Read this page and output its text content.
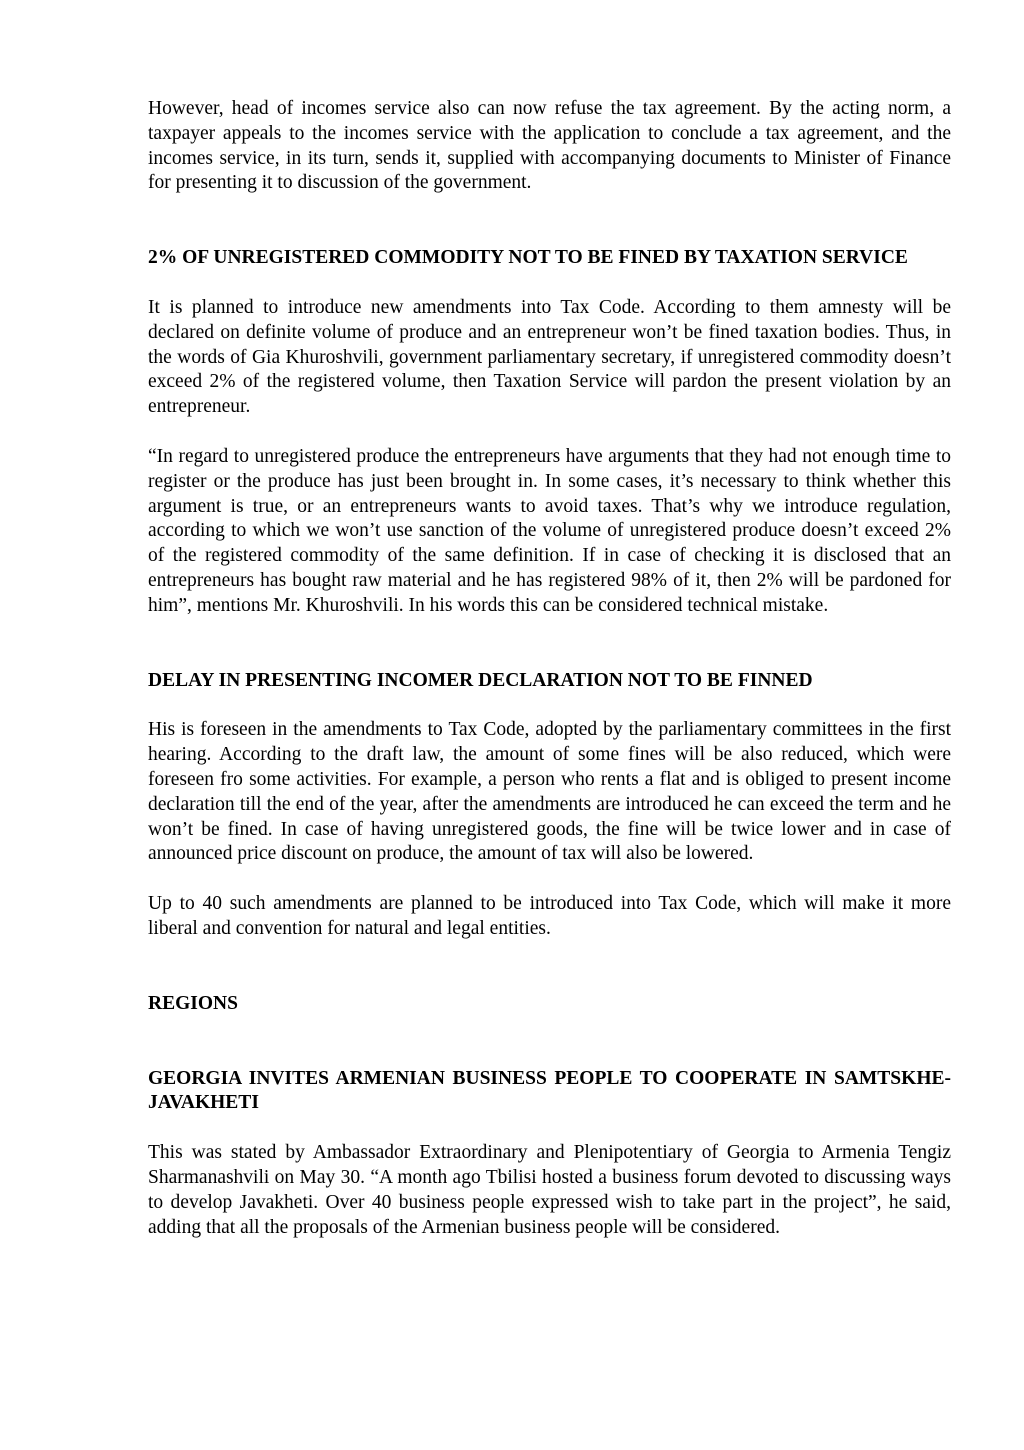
However, head of incomes service also can now refuse the tax agreement. By the acting norm, a taxpayer appeals to the incomes service with the application to conclude a tax agreement, and the incomes service, in its turn, sends it, supplied with accompanying documents to Minister of Finance for presenting it to discussion of the government.

2% OF UNREGISTERED COMMODITY NOT TO BE FINED BY TAXATION SERVICE

It is planned to introduce new amendments into Tax Code. According to them amnesty will be declared on definite volume of produce and an entrepreneur won’t be fined taxation bodies. Thus, in the words of Gia Khuroshvili, government parliamentary secretary, if unregistered commodity doesn’t exceed 2% of the registered volume, then Taxation Service will pardon the present violation by an entrepreneur.

“In regard to unregistered produce the entrepreneurs have arguments that they had not enough time to register or the produce has just been brought in. In some cases, it’s necessary to think whether this argument is true, or an entrepreneurs wants to avoid taxes. That’s why we introduce regulation, according to which we won’t use sanction of the volume of unregistered produce doesn’t exceed 2% of the registered commodity of the same definition. If in case of checking it is disclosed that an entrepreneurs has bought raw material and he has registered 98% of it, then 2% will be pardoned for him”, mentions Mr. Khuroshvili. In his words this can be considered technical mistake.

DELAY IN PRESENTING INCOMER DECLARATION NOT TO BE FINNED

His is foreseen in the amendments to Tax Code, adopted by the parliamentary committees in the first hearing. According to the draft law, the amount of some fines will be also reduced, which were foreseen fro some activities. For example, a person who rents a flat and is obliged to present income declaration till the end of the year, after the amendments are introduced he can exceed the term and he won’t be fined. In case of having unregistered goods, the fine will be twice lower and in case of announced price discount on produce, the amount of tax will also be lowered.

Up to 40 such amendments are planned to be introduced into Tax Code, which will make it more liberal and convention for natural and legal entities.

REGIONS
GEORGIA INVITES ARMENIAN BUSINESS PEOPLE TO COOPERATE IN SAMTSKHE-JAVAKHETI

This was stated by Ambassador Extraordinary and Plenipotentiary of Georgia to Armenia Tengiz Sharmanashvili on May 30. “A month ago Tbilisi hosted a business forum devoted to discussing ways to develop Javakheti. Over 40 business people expressed wish to take part in the project”, he said, adding that all the proposals of the Armenian business people will be considered.
